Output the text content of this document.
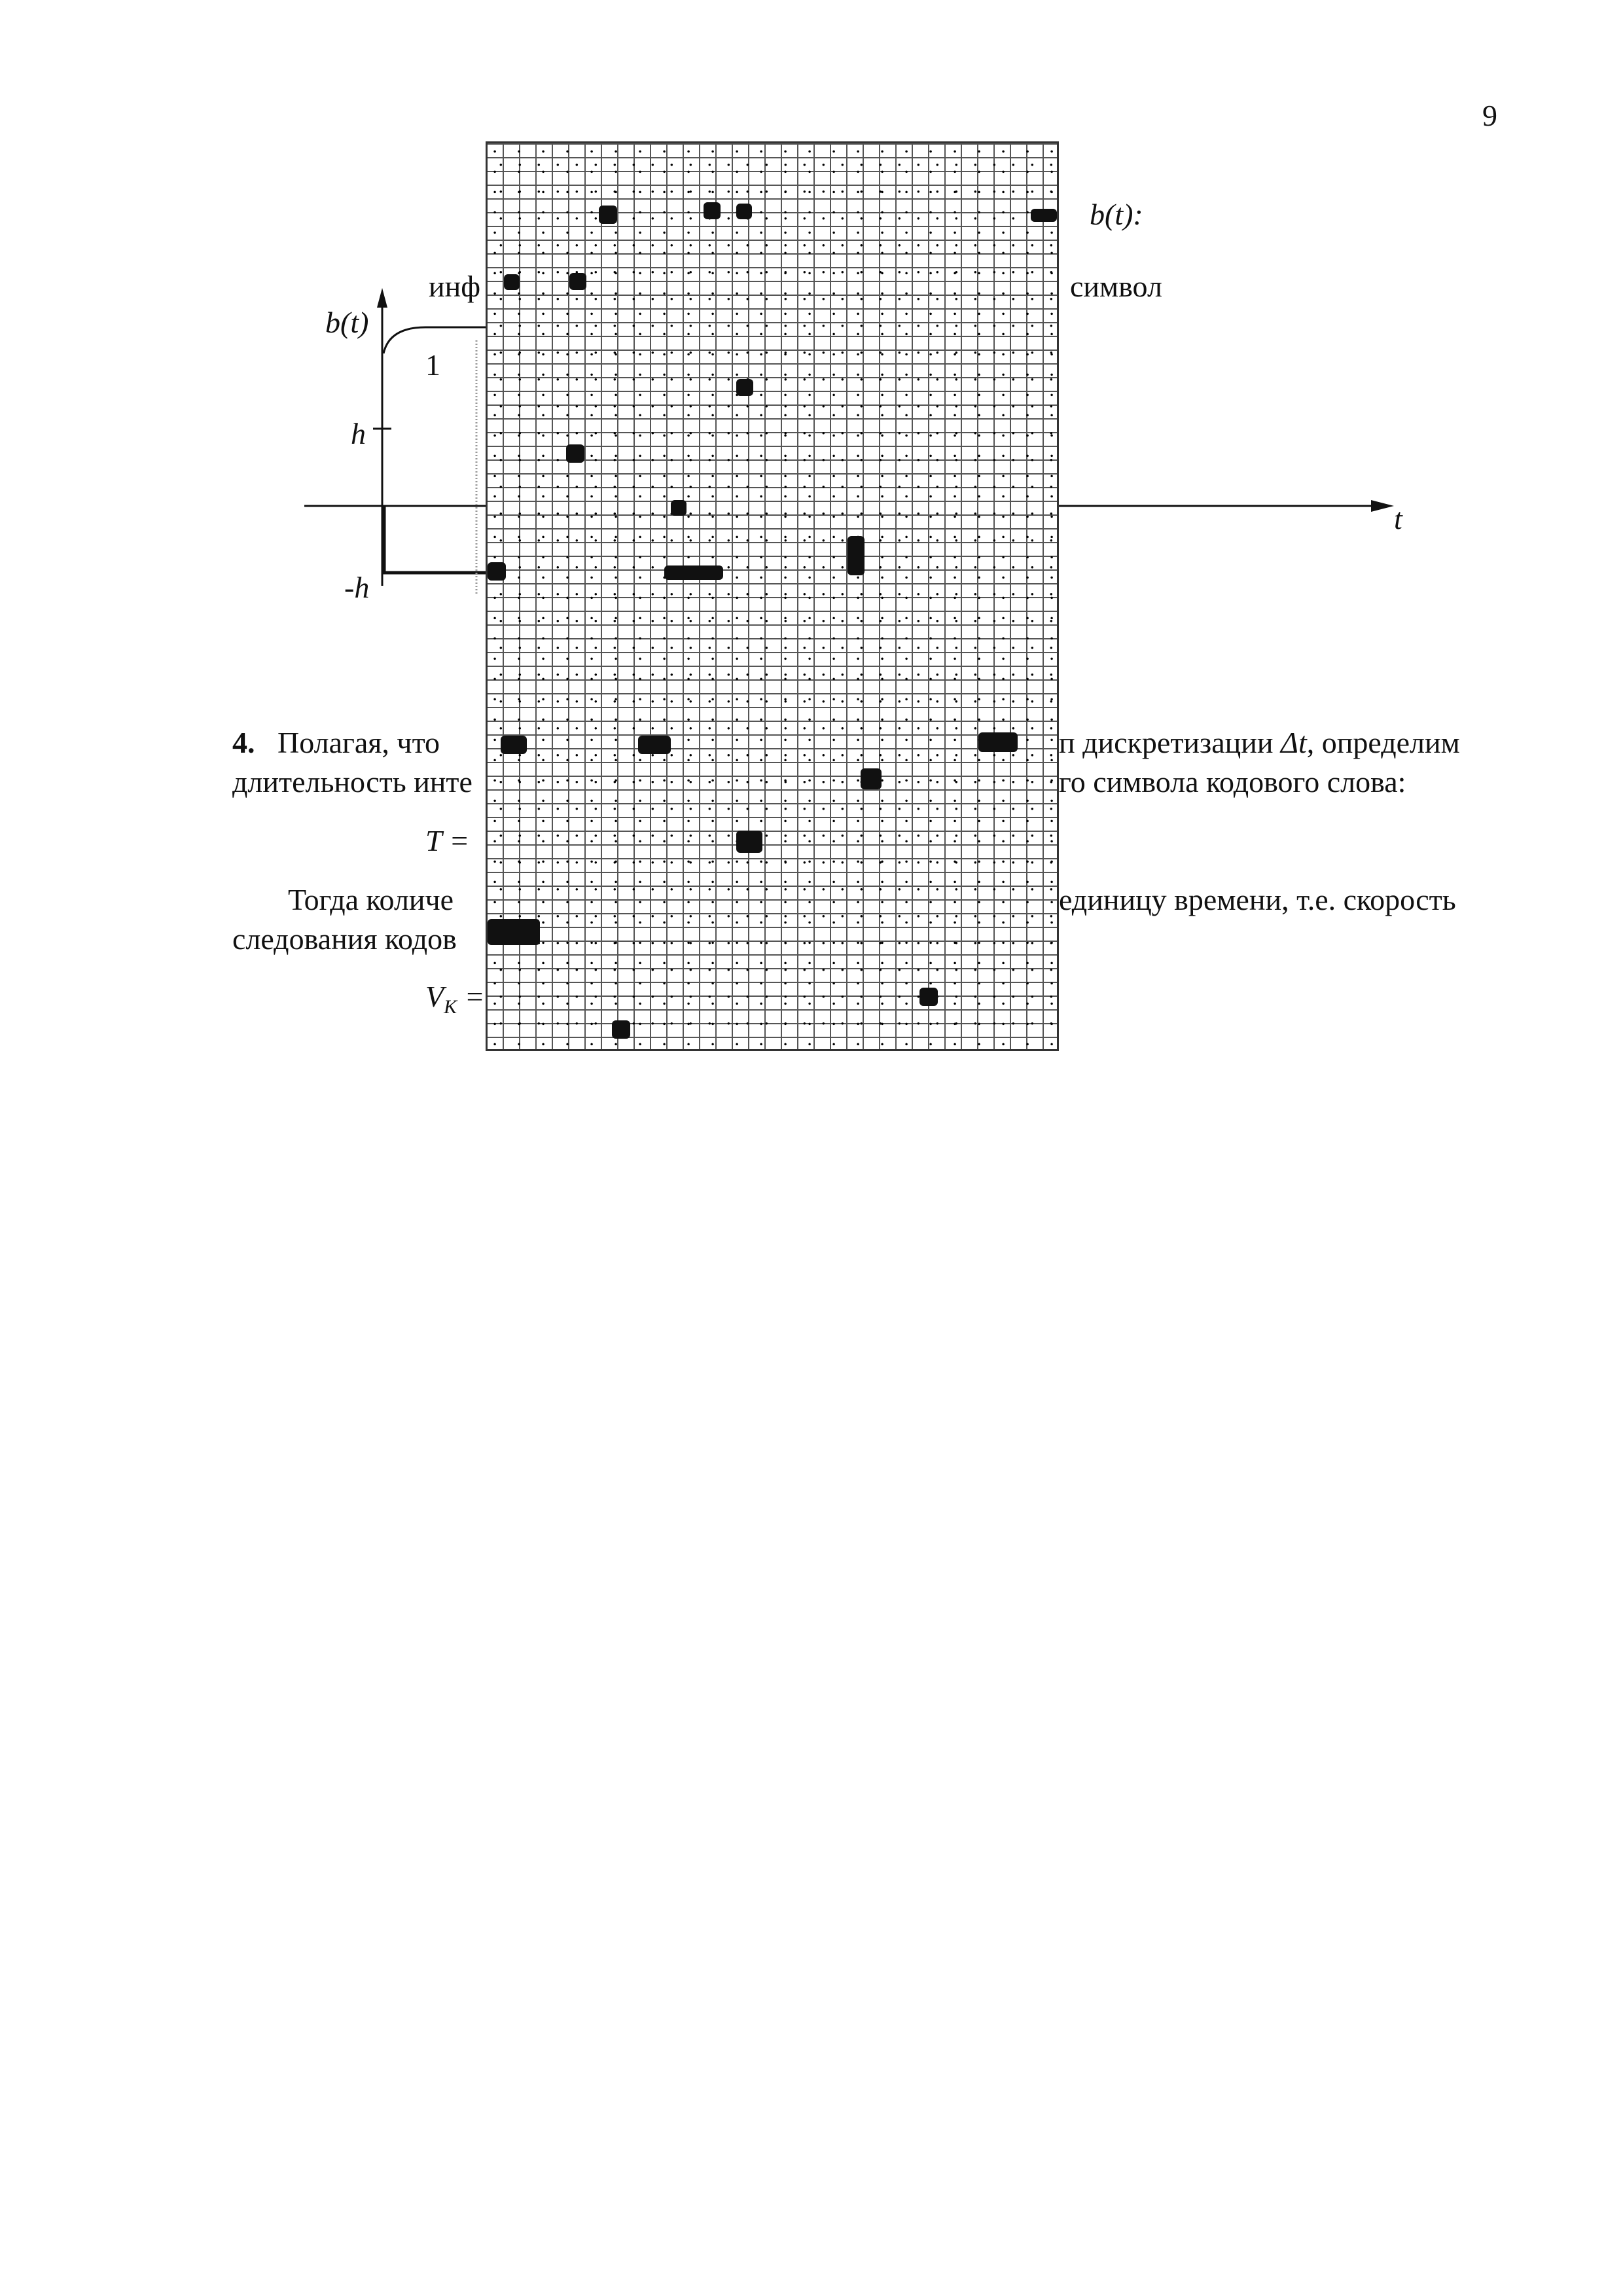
9
b(t)
t
h
-h
1
инф	символ
b(t):
4. Полагая, что	п дискретизации Δt, определим
длительность инте	го символа кодового слова:
T =
Тогда количе	единицу времени, т.е. скорость
следования кодов
$V_K$ =
